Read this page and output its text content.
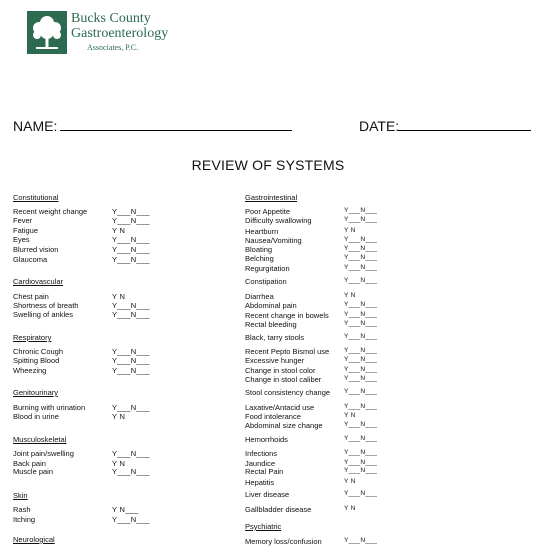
Bucks County
Gastroenterology
Associates, P.C.
NAME:	DATE:
REVIEW OF SYSTEMS
Constitutional
Recent weight change	Y___N___
Fever	Y___N___
Fatigue	Y N
Eyes	Y___N___
Blurred vision	Y___N___
Glaucoma	Y___N___
Cardiovascular
Chest pain	Y N
Shortness of breath	Y___N___
Swelling of ankles	Y___N___
Respiratory
Chronic Cough	Y___N___
Spitting Blood	Y___N___
Wheezing	Y___N___
Genitourinary
Burning with urination	Y___N___
Blood in urine	Y N
Musculoskeletal
Joint pain/swelling	Y___N___
Back pain	Y N
Muscle pain	Y___N___
Skin
Rash	Y N___
Itching	Y___N___
Neurological
Gastrointestinal
Poor Appetite	Y___N___
Difficulty swallowing	Y___N___
Heartburn	Y N
Nausea/Vomiting	Y___N___
Bloating	Y___N___
Belching	Y___N___
Regurgitation	Y___N___
Constipation	Y___N___
Diarrhea	Y N
Abdominal pain	Y___N___
Recent change in bowels Y___N___
Rectal bleeding	Y___N___
Black, tarry stools	Y___N___
Recent Pepto Bismol use Y___N___
Excessive hunger	Y___N___
Change in stool color	Y___N___
Change in stool caliber	Y___N___
Stool consistency change Y___N___
Laxative/Antacid use	Y___N___
Food intolerance	Y N
Abdominal size change	Y___N___
Hemorrhoids	Y___N___
Infections	Y___N___
Jaundice	Y___N___
Rectal Pain	Y___N___
Hepatitis	Y N
Liver disease	Y___N___
Gallbladder disease	Y N
Psychiatric
Memory loss/confusion	Y___N___
